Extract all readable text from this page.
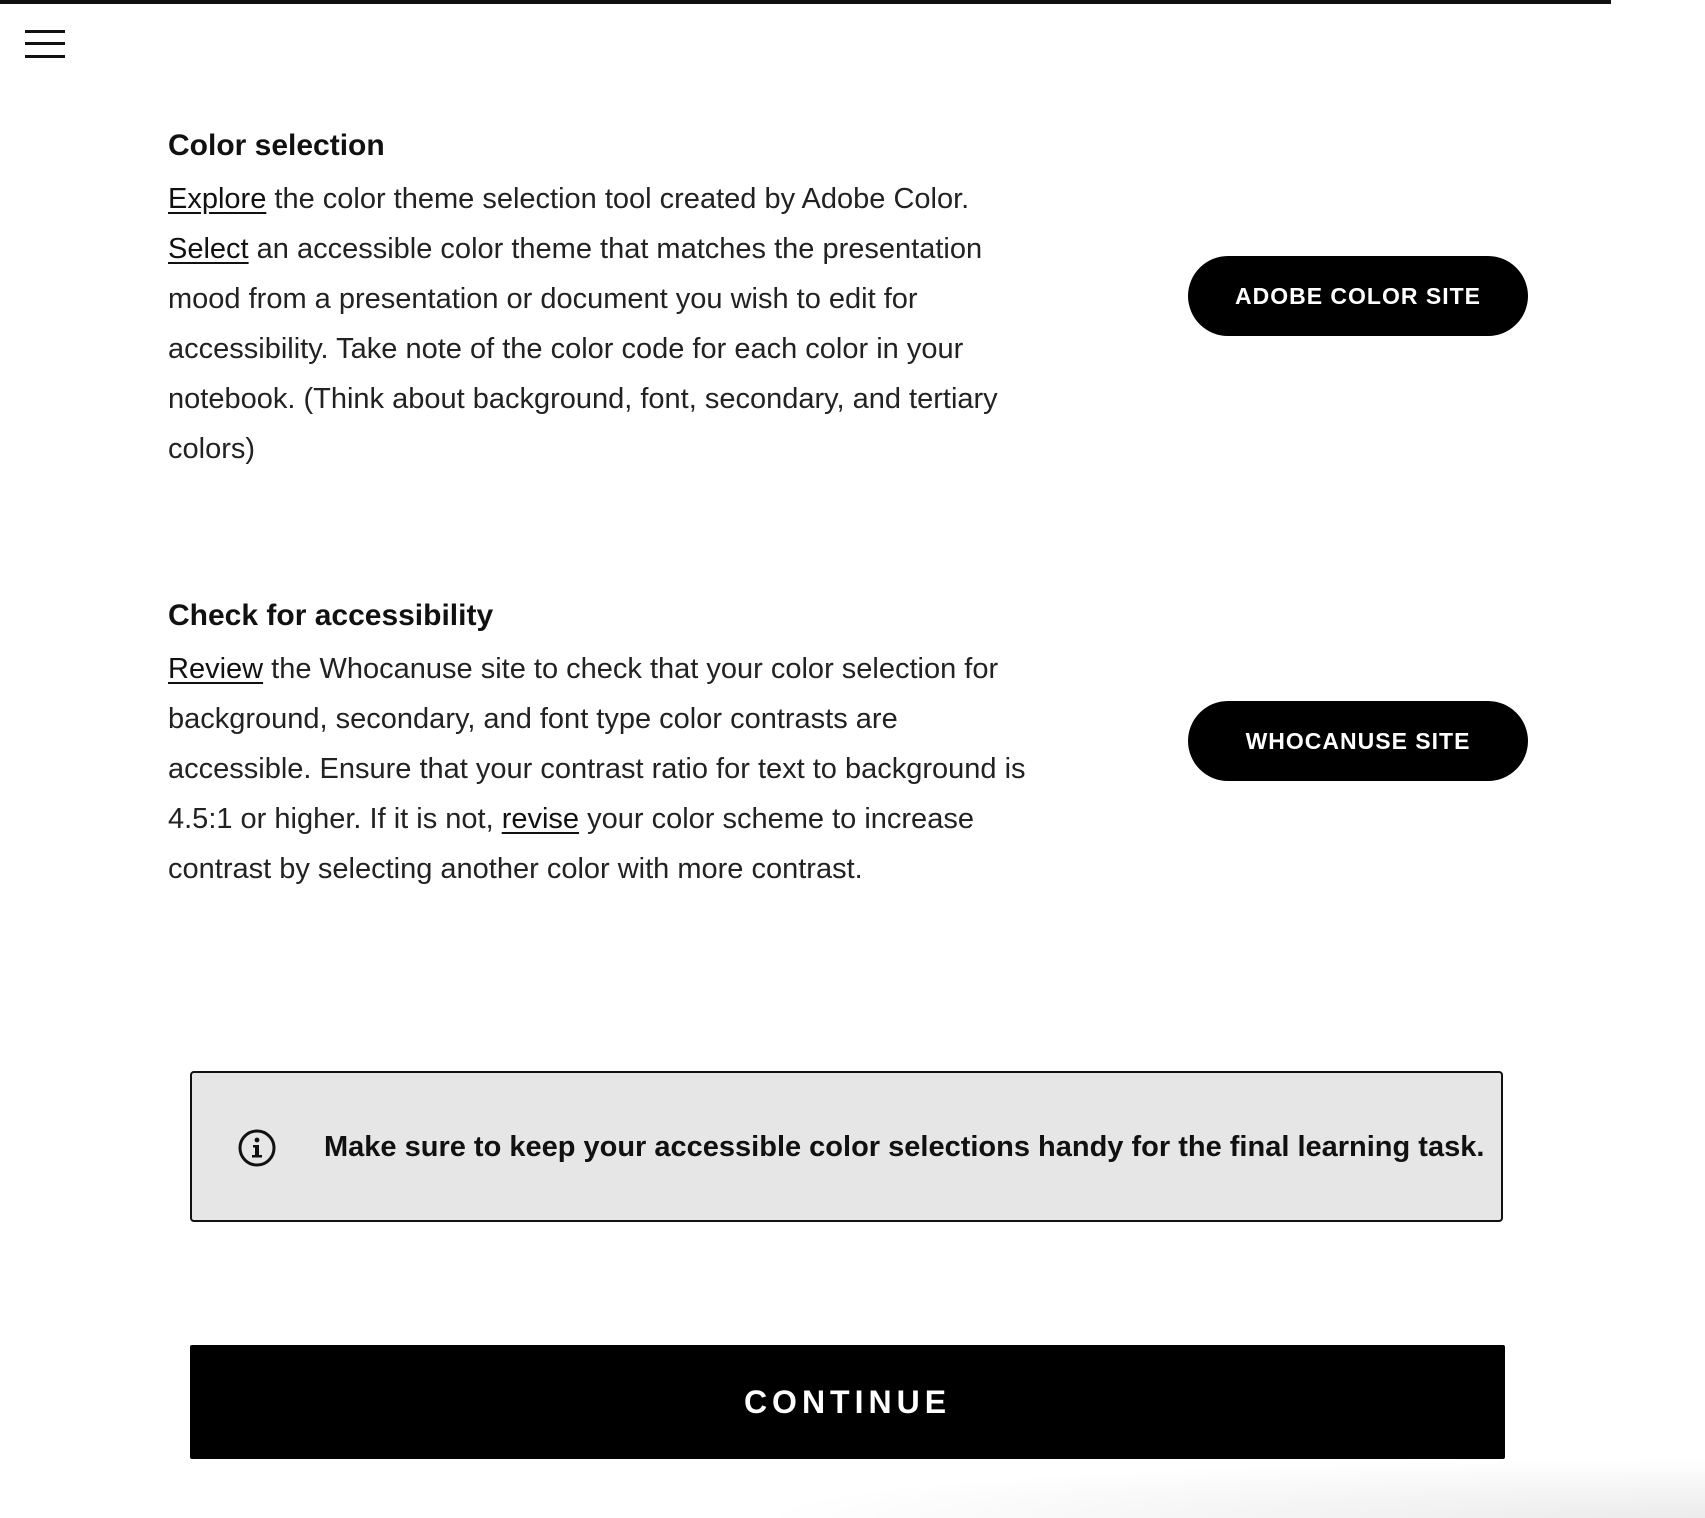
Color selection

Explore the color theme selection tool created by Adobe Color.
Select an accessible color theme that matches the presentation mood from a presentation or document you wish to edit for accessibility. Take note of the color code for each color in your notebook. (Think about background, font, secondary, and tertiary colors)

ADOBE COLOR SITE
Check for accessibility

Review the Whocanuse site to check that your color selection for background, secondary, and font type color contrasts are accessible. Ensure that your contrast ratio for text to background is 4.5:1 or higher. If it is not, revise your color scheme to increase contrast by selecting another color with more contrast.

WHOCANUSE SITE
Make sure to keep your accessible color selections handy for the final learning task.
CONTINUE
